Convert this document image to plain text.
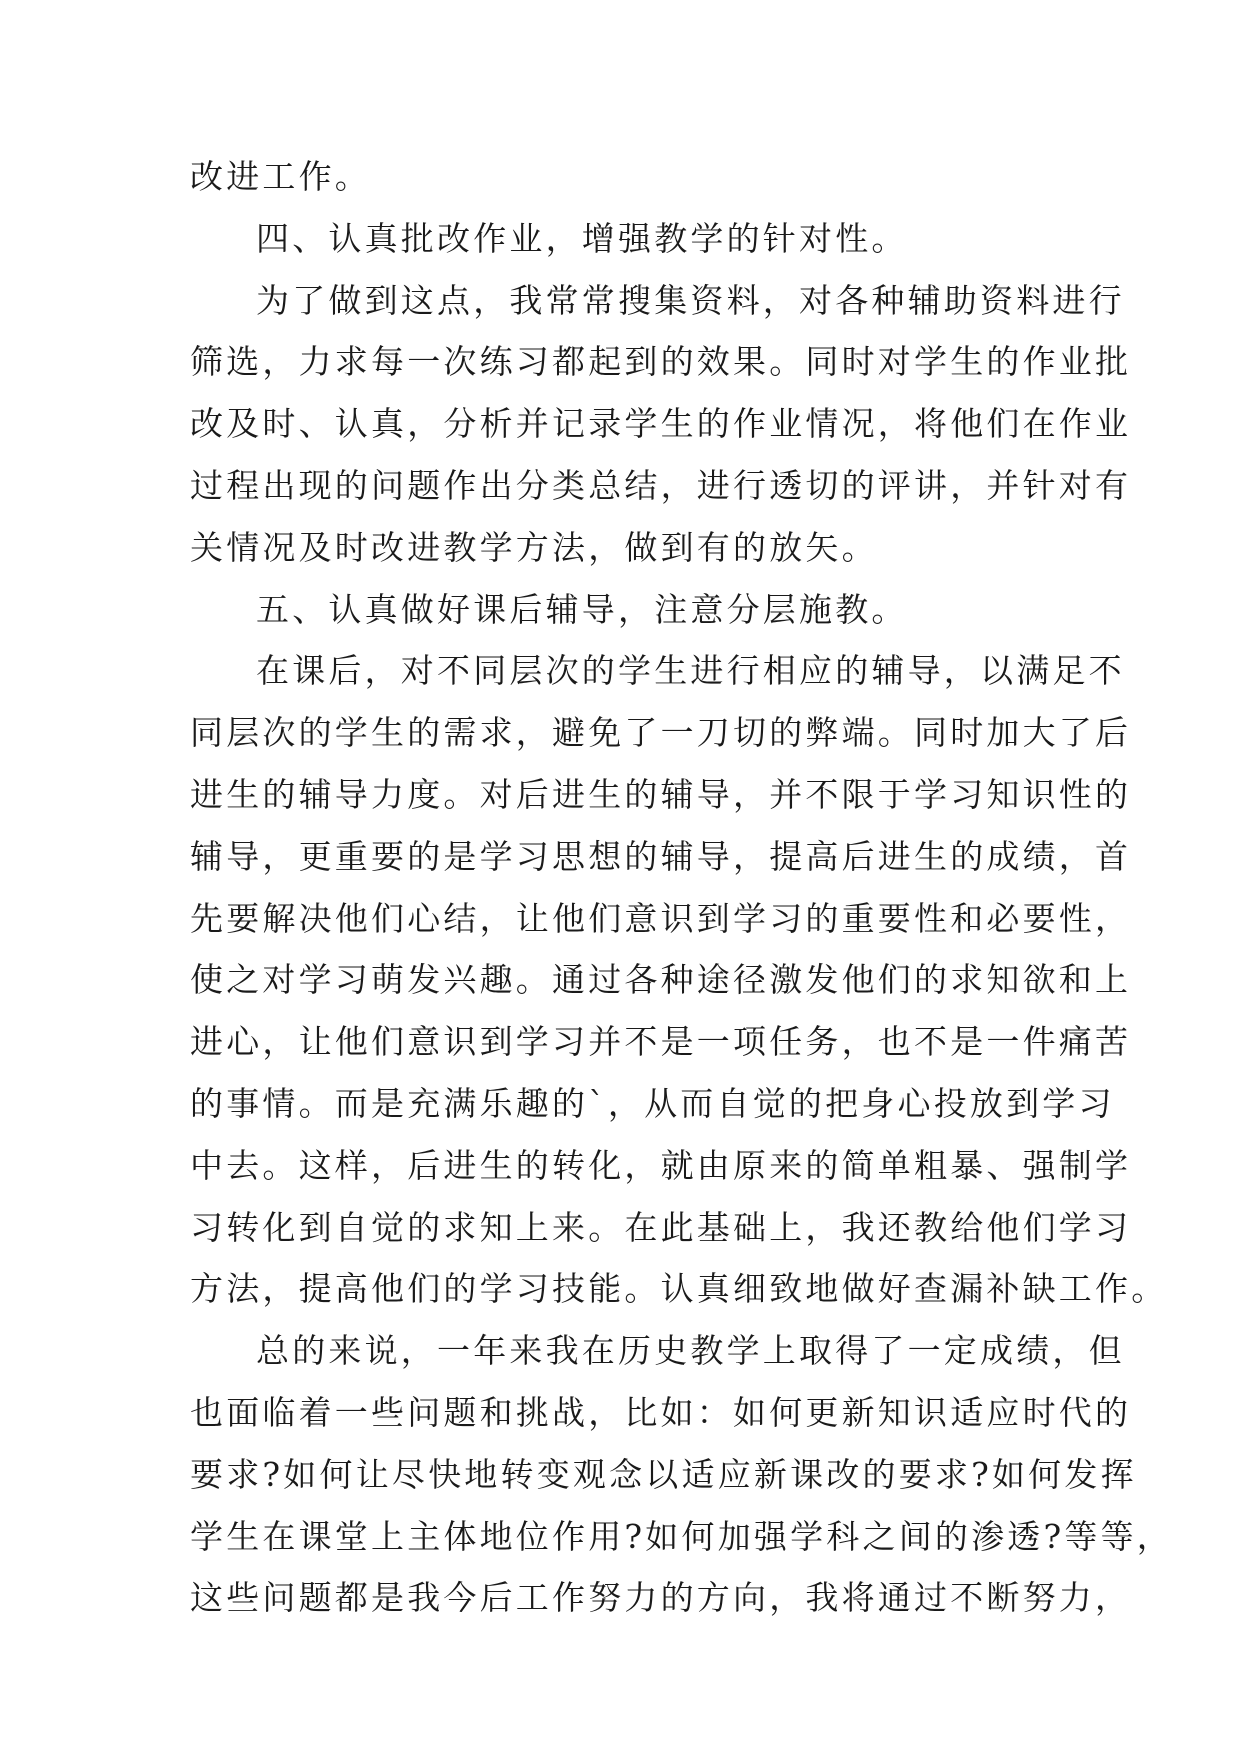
改进工作。
四、认真批改作业，增强教学的针对性。
为了做到这点，我常常搜集资料，对各种辅助资料进行
筛选，力求每一次练习都起到的效果。同时对学生的作业批
改及时、认真，分析并记录学生的作业情况，将他们在作业
过程出现的问题作出分类总结，进行透切的评讲，并针对有
关情况及时改进教学方法，做到有的放矢。
五、认真做好课后辅导，注意分层施教。
在课后，对不同层次的学生进行相应的辅导，以满足不
同层次的学生的需求，避免了一刀切的弊端。同时加大了后
进生的辅导力度。对后进生的辅导，并不限于学习知识性的
辅导，更重要的是学习思想的辅导，提高后进生的成绩，首
先要解决他们心结，让他们意识到学习的重要性和必要性，
使之对学习萌发兴趣。通过各种途径激发他们的求知欲和上
进心，让他们意识到学习并不是一项任务，也不是一件痛苦
的事情。而是充满乐趣的`，从而自觉的把身心投放到学习
中去。这样，后进生的转化，就由原来的简单粗暴、强制学
习转化到自觉的求知上来。在此基础上，我还教给他们学习
方法，提高他们的学习技能。认真细致地做好查漏补缺工作。
总的来说，一年来我在历史教学上取得了一定成绩，但
也面临着一些问题和挑战，比如：如何更新知识适应时代的
要求?如何让尽快地转变观念以适应新课改的要求?如何发挥
学生在课堂上主体地位作用?如何加强学科之间的渗透?等等，
这些问题都是我今后工作努力的方向，我将通过不断努力，
